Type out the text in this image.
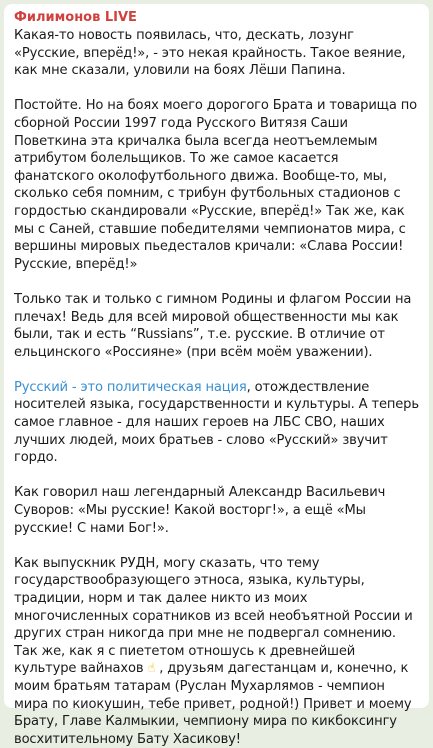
Филимонов LIVE

Какая-то новость появилась, что, дескать, лозунг «Русские, вперёд!», - это некая крайность. Такое веяние, как мне сказали, уловили на боях Лёши Папина.

Постойте. Но на боях моего дорогого Брата и товарища по сборной России 1997 года Русского Витязя Саши Поветкина эта кричалка была всегда неотъемлемым атрибутом болельщиков. То же самое касается фанатского околофутбольного движа. Вообще-то, мы, сколько себя помним, с трибун футбольных стадионов с гордостью скандировали «Русские, вперёд!» Так же, как мы с Саней, ставшие победителями чемпионатов мира, с вершины мировых пьедесталов кричали: «Слава России! Русские, вперёд!»

Только так и только с гимном Родины и флагом России на плечах! Ведь для всей мировой общественности мы как были, так и есть “Russians”, т.е. русские. В отличие от ельцинского «Россияне» (при всём моём уважении).

Русский - это политическая нация, отождествление носителей языка, государственности и культуры. А теперь самое главное - для наших героев на ЛБС СВО, наших лучших людей, моих братьев - слово «Русский» звучит гордо.

Как говорил наш легендарный Александр Васильевич Суворов: «Мы русские! Какой восторг!», а ещё «Мы русские! С нами Бог!».

Как выпускник РУДН, могу сказать, что тему государствообразующего этноса, языка, культуры, традиции, норм и так далее никто из моих многочисленных соратников из всей необъятной России и других стран никогда при мне не подвергал сомнению. Так же, как я с пиететом отношусь к древнейшей культуре вайнахов ☝ , друзьям дагестанцам и, конечно, к моим братьям татарам (Руслан Мухарлямов - чемпион мира по киокушин, тебе привет, родной!) Привет и моему Брату, Главе Калмыкии, чемпиону мира по кикбоксингу восхитительному Бату Хасикову!
